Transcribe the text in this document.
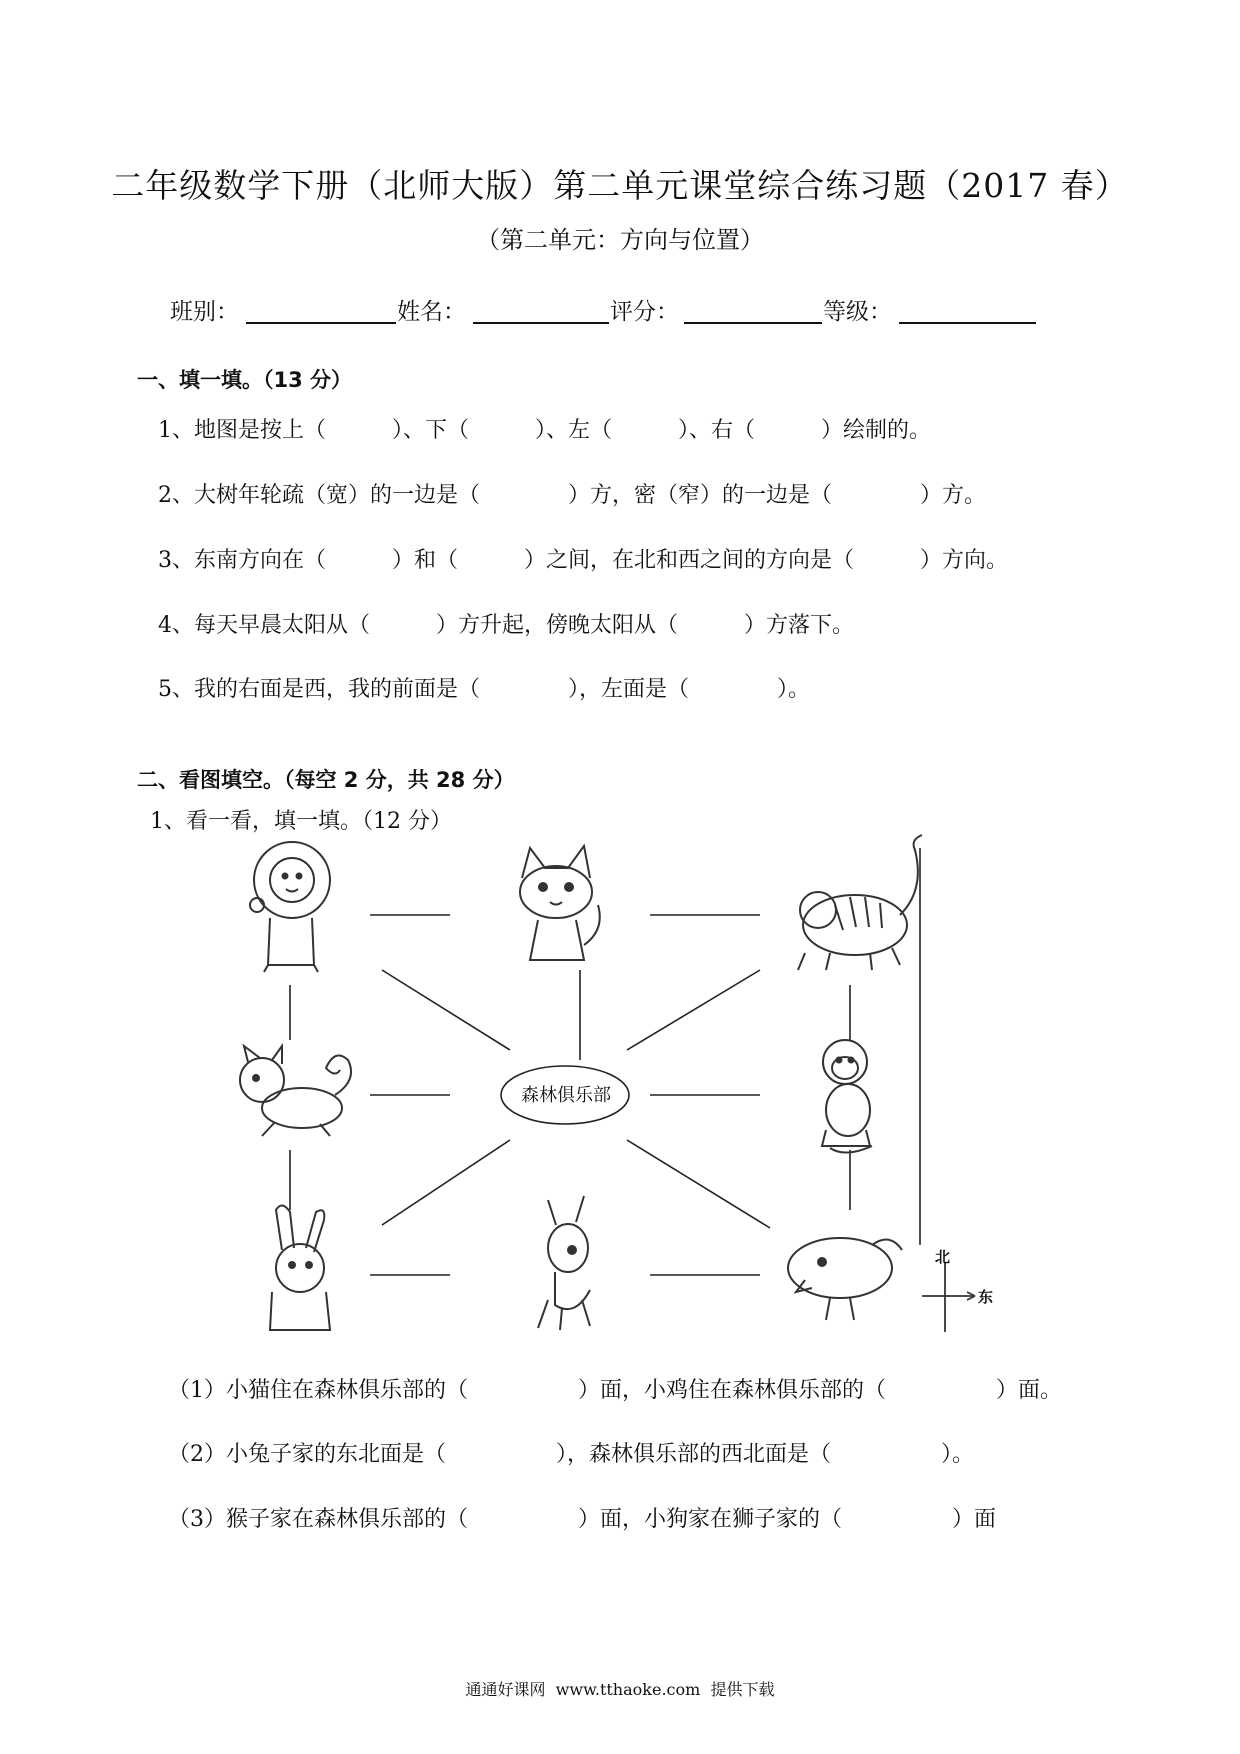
二年级数学下册（北师大版）第二单元课堂综合练习题（2017 春）
（第二单元：方向与位置）
班别：	姓名：	评分：	等级：
一、填一填。（13 分）
1、地图是按上（　　　）、下（　　　）、左（　　　）、右（　　　）绘制的。
2、大树年轮疏（宽）的一边是（　　　　）方，密（窄）的一边是（　　　　）方。
3、东南方向在（　　　）和（　　　）之间，在北和西之间的方向是（　　　）方向。
4、每天早晨太阳从（　　　）方升起，傍晚太阳从（　　　）方落下。
5、我的右面是西，我的前面是（　　　　），左面是（　　　　）。
二、看图填空。（每空 2 分，共 28 分）
1、看一看，填一填。（12 分）
森林俱乐部
北
东
（1）小猫住在森林俱乐部的（　　　　　）面，小鸡住在森林俱乐部的（　　　　　）面。
（2）小兔子家的东北面是（　　　　　），森林俱乐部的西北面是（　　　　　）。
（3）猴子家在森林俱乐部的（　　　　　）面，小狗家在狮子家的（　　　　　）面
通通好课网  www.tthaoke.com  提供下载
